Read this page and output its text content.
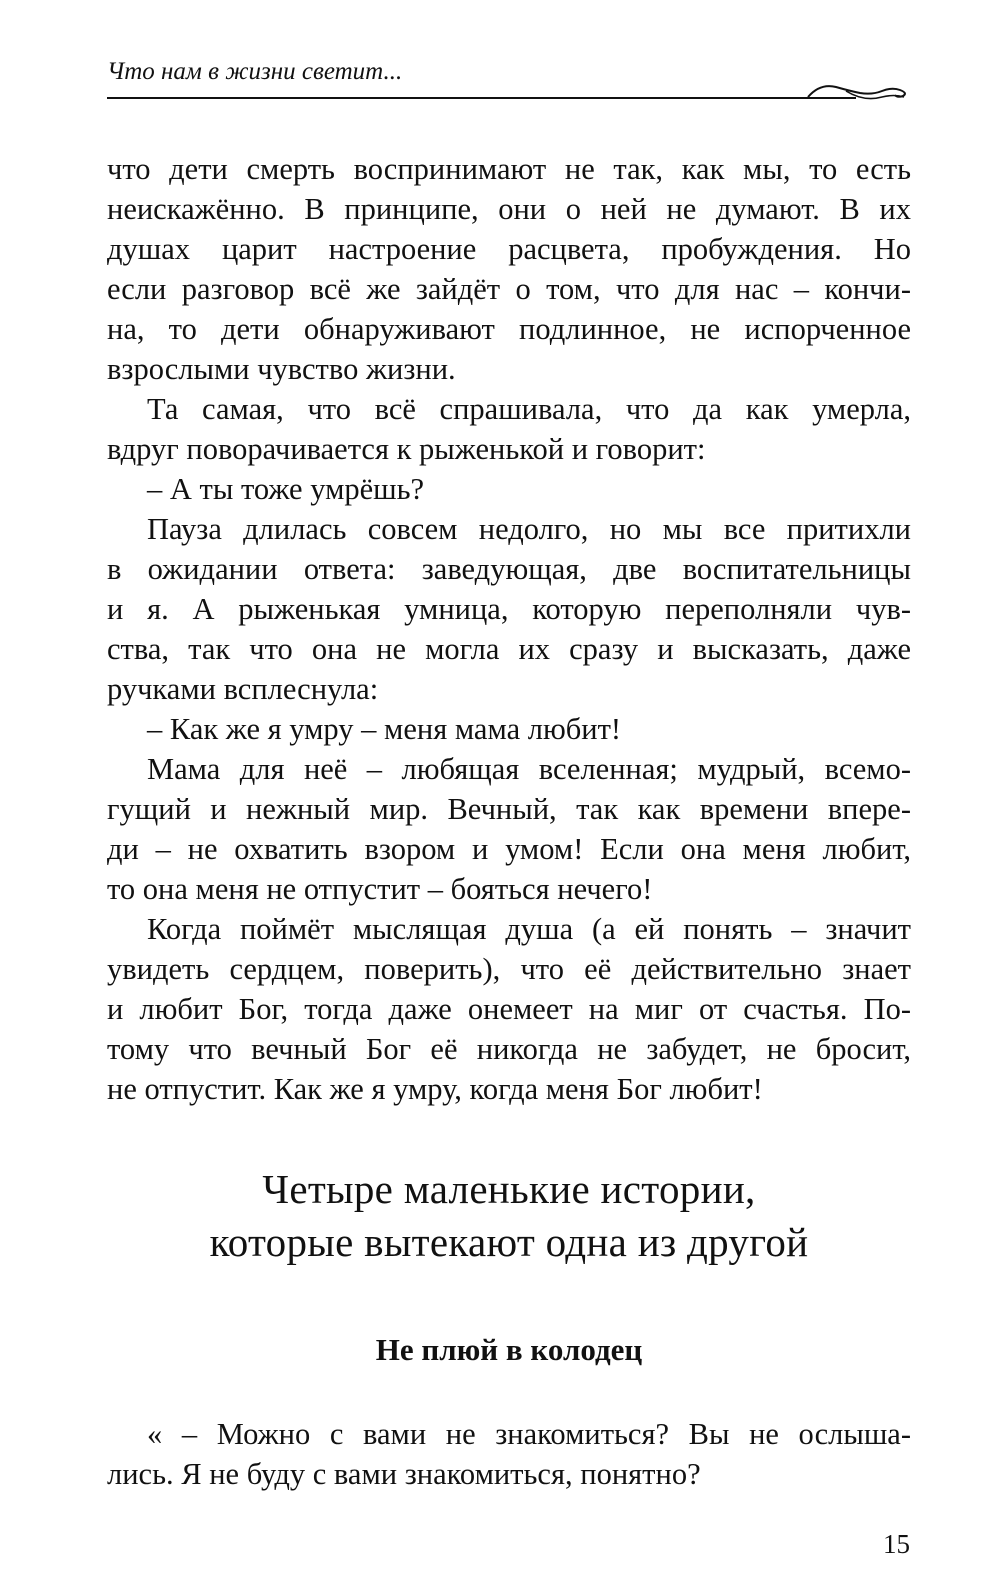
Что нам в жизни светит...
что дети смерть воспринимают не так, как мы, то есть
неискажённо. В принципе, они о ней не думают. В их
душах царит настроение расцвета, пробуждения. Но
если разговор всё же зайдёт о том, что для нас – кончи-
на, то дети обнаруживают подлинное, не испорченное
взрослыми чувство жизни.
Та самая, что всё спрашивала, что да как умерла,
вдруг поворачивается к рыженькой и говорит:
– А ты тоже умрёшь?
Пауза длилась совсем недолго, но мы все притихли
в ожидании ответа: заведующая, две воспитательницы
и я. А рыженькая умница, которую переполняли чув-
ства, так что она не могла их сразу и высказать, даже
ручками всплеснула:
– Как же я умру – меня мама любит!
Мама для неё – любящая вселенная; мудрый, всемо-
гущий и нежный мир. Вечный, так как времени впере-
ди – не охватить взором и умом! Если она меня любит,
то она меня не отпустит – бояться нечего!
Когда поймёт мыслящая душа (а ей понять – значит
увидеть сердцем, поверить), что её действительно знает
и любит Бог, тогда даже онемеет на миг от счастья. По-
тому что вечный Бог её никогда не забудет, не бросит,
не отпустит. Как же я умру, когда меня Бог любит!
Четыре маленькие истории,
которые вытекают одна из другой
Не плюй в колодец
« – Можно с вами не знакомиться? Вы не ослыша-
лись. Я не буду с вами знакомиться, понятно?
15
